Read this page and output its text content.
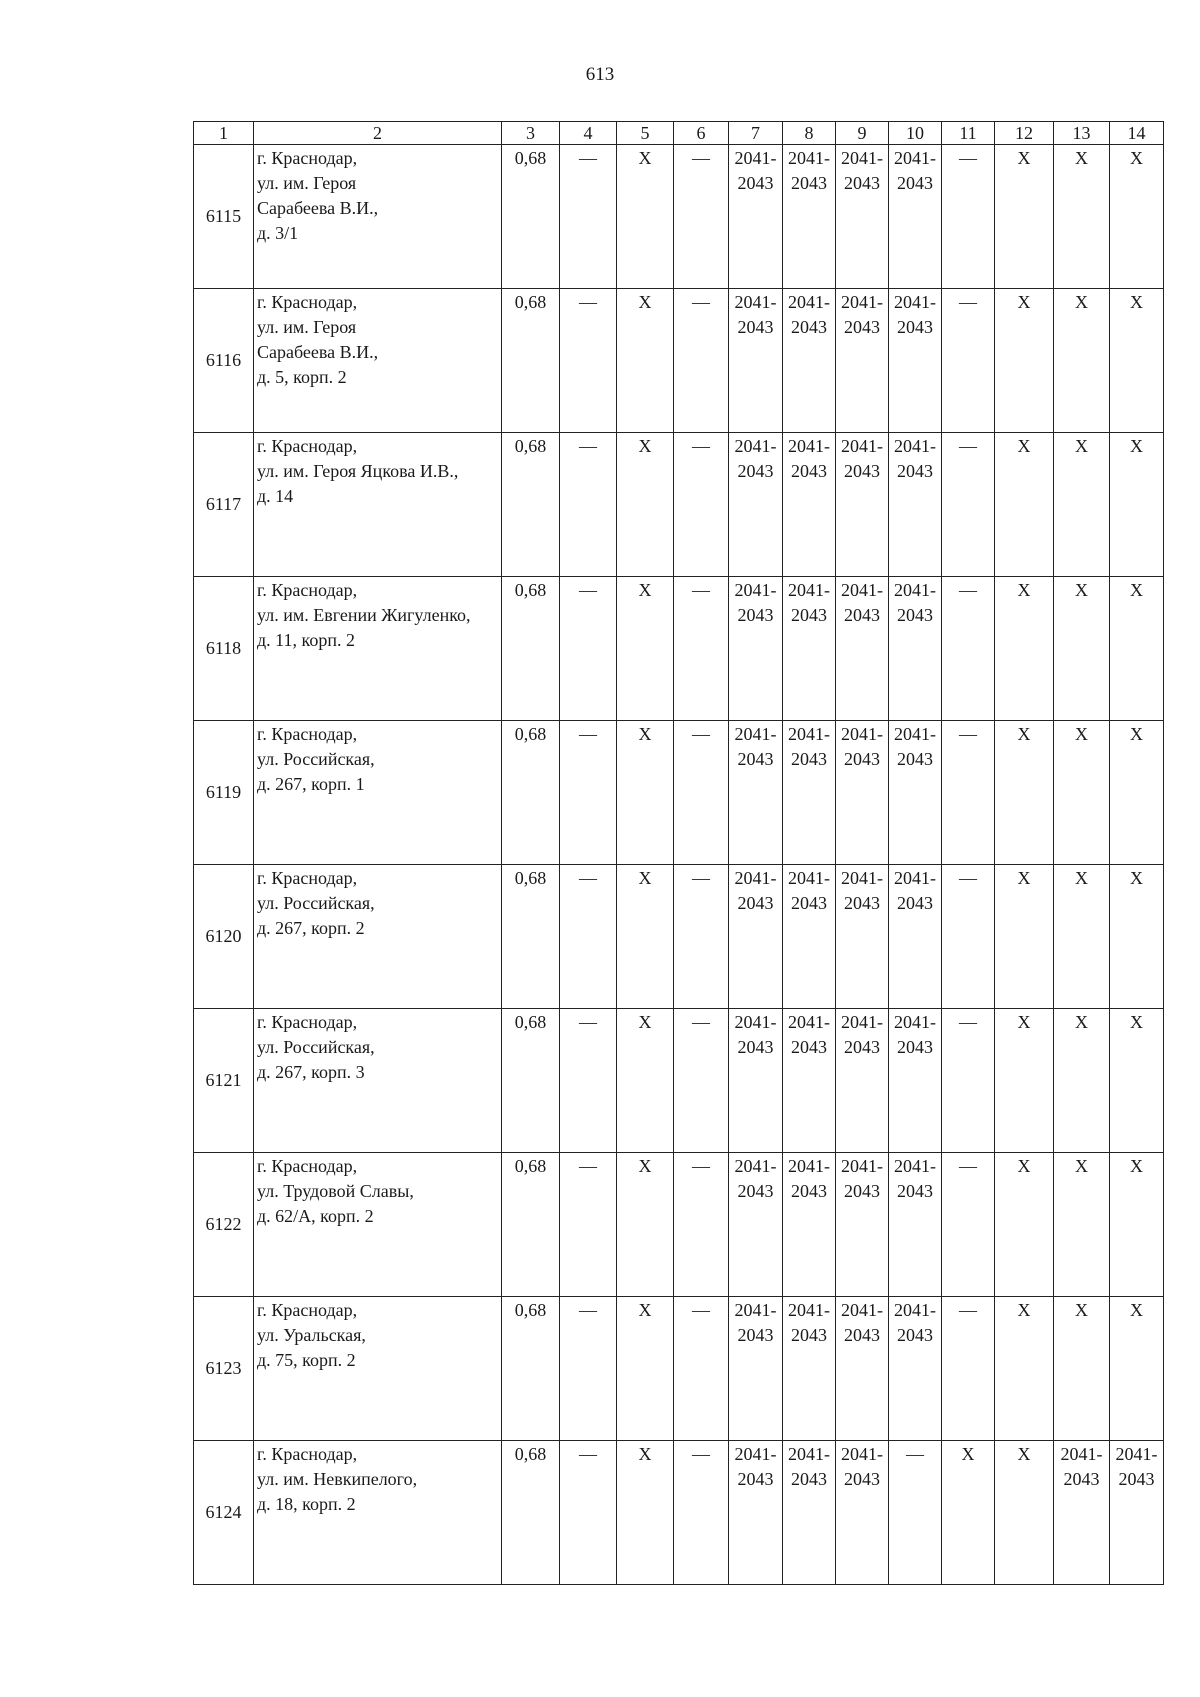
613
1	2	3	4	5	6	7	8	9	10	11	12	13	14
6115	г. Краснодар,
ул. им. Героя
Сарабеева В.И.,
д. 3/1	0,68	—	X	—	2041-
2043	2041-
2043	2041-
2043	2041-
2043	—	X	X	X
6116	г. Краснодар,
ул. им. Героя
Сарабеева В.И.,
д. 5, корп. 2	0,68	—	X	—	2041-
2043	2041-
2043	2041-
2043	2041-
2043	—	X	X	X
6117	г. Краснодар,
ул. им. Героя Яцкова И.В.,
д. 14	0,68	—	X	—	2041-
2043	2041-
2043	2041-
2043	2041-
2043	—	X	X	X
6118	г. Краснодар,
ул. им. Евгении Жигуленко,
д. 11, корп. 2	0,68	—	X	—	2041-
2043	2041-
2043	2041-
2043	2041-
2043	—	X	X	X
6119	г. Краснодар,
ул. Российская,
д. 267, корп. 1	0,68	—	X	—	2041-
2043	2041-
2043	2041-
2043	2041-
2043	—	X	X	X
6120	г. Краснодар,
ул. Российская,
д. 267, корп. 2	0,68	—	X	—	2041-
2043	2041-
2043	2041-
2043	2041-
2043	—	X	X	X
6121	г. Краснодар,
ул. Российская,
д. 267, корп. 3	0,68	—	X	—	2041-
2043	2041-
2043	2041-
2043	2041-
2043	—	X	X	X
6122	г. Краснодар,
ул. Трудовой Славы,
д. 62/А, корп. 2	0,68	—	X	—	2041-
2043	2041-
2043	2041-
2043	2041-
2043	—	X	X	X
6123	г. Краснодар,
ул. Уральская,
д. 75, корп. 2	0,68	—	X	—	2041-
2043	2041-
2043	2041-
2043	2041-
2043	—	X	X	X
6124	г. Краснодар,
ул. им. Невкипелого,
д. 18, корп. 2	0,68	—	X	—	2041-
2043	2041-
2043	2041-
2043	—	X	X	2041-
2043	2041-
2043
